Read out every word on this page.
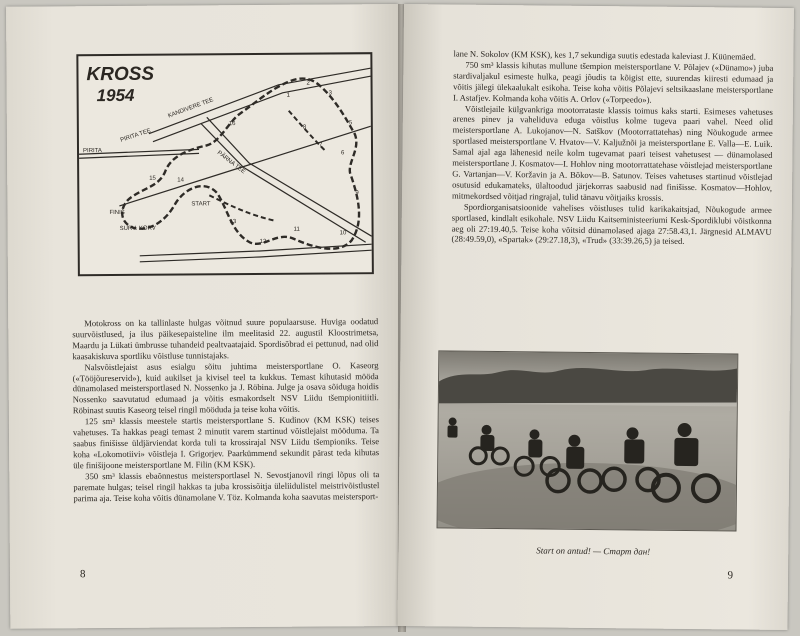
KROSS
1954
KANDIVERE TEE
PIRITA TEE
PIRITA	PÄRNA TEE
START
FINIŠ
SURV. KORV
1
2
3
5
6
7
8
9
10
11
12
13
14
15
16

Motokross on ka tallinlaste hulgas võitnud suure populaarsuse. Huviga oodatud suurvõistlused, ja ilus päikesepaisteline ilm meelitasid 22. augustil Kloostrimetsa, Maardu ja Lükati ümbrusse tuhandeid pealtvaatajaid. Spordisõbrad ei pettunud, nad olid kaasakiskuva sportliku võistluse tunnistajaks.

Nalsvõistlejaist asus esialgu sõitu juhtima meistersportlane O. Kaseorg («Tööjõureservid»), kuid aukilset ja kivisel teel ta kukkus. Temast kihutasid mööda dünamolased meistersportlased N. Nossenko ja J. Röbina. Julge ja osava sõiduga hoidis Nossenko saavutatud edumaad ja võitis esmakordselt NSV Liidu tšempionitiitli. Röbinast suutis Kaseorg teisel ringil mööduda ja teise koha võitis.

125 sm³ klassis meestele startis meistersportlane S. Kudinov (KM KSK) teises vahetuses. Ta hakkas peagi temast 2 minutit varem startinud võistlejaist mööduma. Ta saabus finišisse üldjärviendat korda tuli ta krossirajal NSV Liidu tšempioniks. Teise koha «Lokomotiivi» võistleja I. Grigorjev. Paarkümmend sekundit pärast teda kihutas üle finišijoone meistersportlane M. Filin (KM KSK).

350 sm³ klassis ebaõnnestus meistersportlasel N. Sevostjanovil ringi lõpus oli ta paremate hulgas; teisel ringil hakkas ta juba krossisõitja üleliidulistel meistrivõistlustel parima aja. Teise koha võitis dünamolane V. Töz. Kolmanda koha saavutas meistersport-

8

lane N. Sokolov (KM KSK), kes 1,7 sekundiga suutis edestada kaleviast J. Küünemäed.

750 sm³ klassis kihutas mullune tšempion meistersportlane V. Põlajev («Dünamo») juba stardivaljakul esimeste hulka, peagi jõudis ta kõigist ette, suurendas kiiresti edumaad ja võitis jälegi ülekaalukalt esikoha. Teise koha võitis Põlajevi seltsikaaslane meistersportlane I. Astafjev. Kolmanda koha võitis A. Orlov («Torpeedo»).

Võistlejaile külgvankriga mootorrataste klassis toimus kaks starti. Esimeses vahetuses arenes pinev ja vaheliduva eduga võistlus kolme tugeva paari vahel. Need olid meistersportlane A. Lukojanov—N. Satškov (Mootorrattatehas) ning Nõukogude armee sportlased meistersportlane V. Hvatov—V. Kaljužnõi ja meistersportlane E. Valla—E. Luik. Samal ajal aga lähenesid neile kolm tugevamat paari teisest vahetusest — dünamolased meistersportlane J. Kosmatov—I. Hohlov ning mootorrattatehase võistlejad meistersportlane G. Vartanjan—V. Koržavin ja A. Bõkov—B. Satunov. Teises vahetuses startinud võistlejad osutusid edukamateks, ülaltoodud järjekorras saabusid nad finišisse. Kosmatov—Hohlov, mitmekordsed võitjad ringrajal, tulid tänavu võitjaiks krossis.

Spordiorganisatsioonide vahelises võistluses tulid karikakaitsjad, Nõukogude armee sportlased, kindlalt esikohale. NSV Liidu Kaitseministeeriumi Kesk-Spordiklubi võistkonna aeg oli 27:19.40,5. Teise koha võitsid dünamolased ajaga 27:58.43,1. Järgnesid ALMAVU (28:49.59,0), «Spartak» (29:27.18,3), «Trud» (33:39.26,5) ja teised.

Start on antud! — Старт дан!
9
